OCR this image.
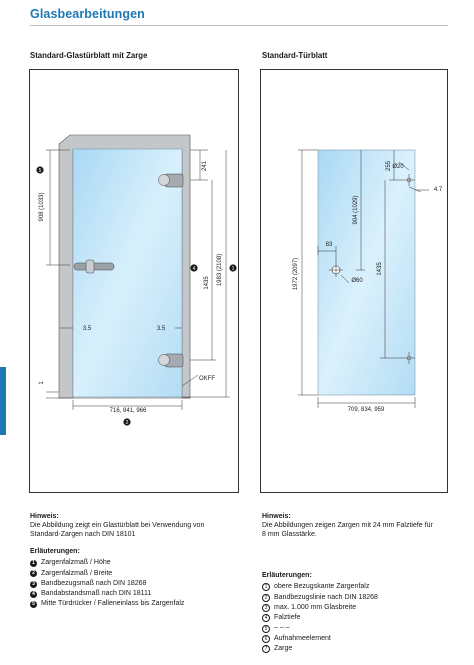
Glasbearbeitungen
Standard-Glastürblatt mit Zarge
908 (1033)
241
1983 (2108)
1435
3.5	3.5
716, 841, 966
1
OKFF
5
4	1
2
Hinweis:
Die Abbildung zeigt ein Glastürblatt bei Verwendung von
Standard-Zargen nach DIN 18101
Erläuterungen:
1 Zargenfalzmaß / Höhe
2 Zargenfalzmaß / Breite
3 Bandbezugsmaß nach DIN 18268
4 Bandabstandsmaß nach DIN 18111
5 Mitte Türdrücker / Falleneinlass bis Zargenfalz
Standard-Türblatt
255 Ø20
4.7
904 (1029)
1972 (2097)
83
Ø60
1435
709, 834, 959
Hinweis:
Die Abbildungen zeigen Zargen mit 24 mm Falztiefe für
8 mm Glasstärke.
Erläuterungen:
1 obere Bezugskante Zargenfalz
2 Bandbezugslinie nach DIN 18268
3 max. 1.000 mm Glasbreite
4 Falztiefe
5 – – –
6 Aufnahmeelement
7 Zarge
